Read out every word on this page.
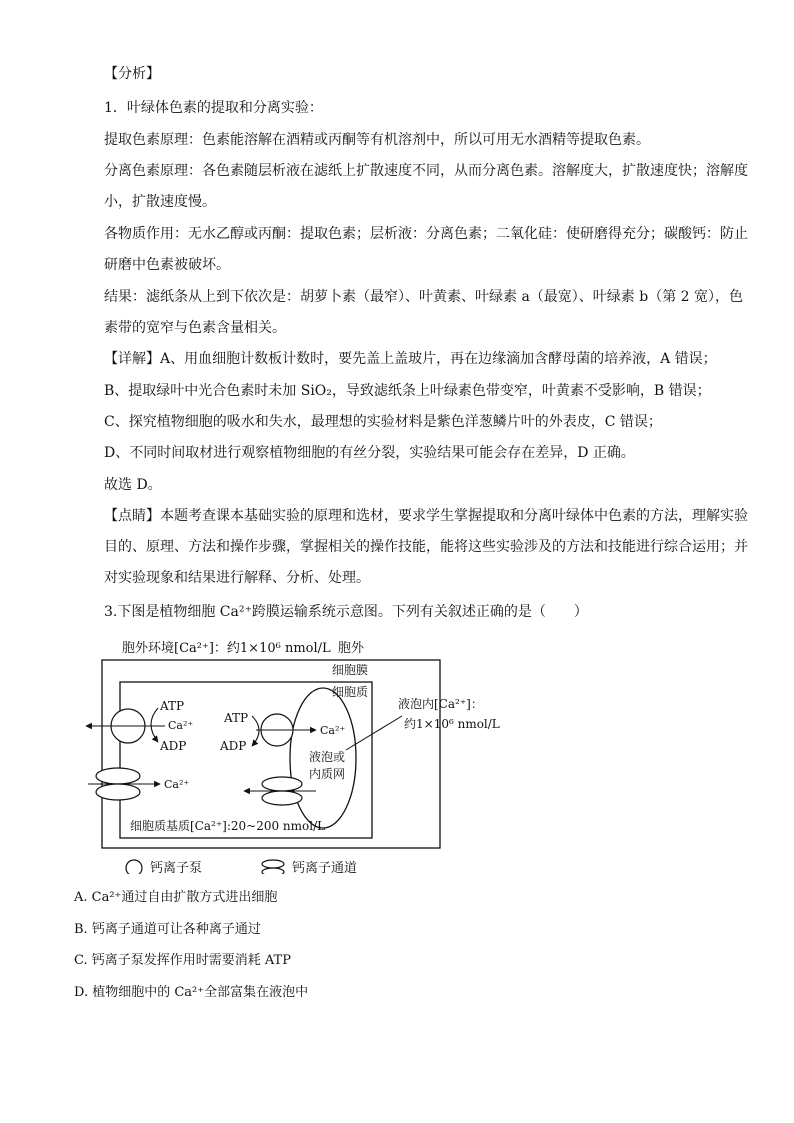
【分析】
1．叶绿体色素的提取和分离实验：
提取色素原理：色素能溶解在酒精或丙酮等有机溶剂中，所以可用无水酒精等提取色素。
分离色素原理：各色素随层析液在滤纸上扩散速度不同，从而分离色素。溶解度大，扩散速度快；溶解度
小，扩散速度慢。
各物质作用：无水乙醇或丙酮：提取色素；层析液：分离色素；二氧化硅：使研磨得充分；碳酸钙：防止
研磨中色素被破坏。
结果：滤纸条从上到下依次是：胡萝卜素（最窄）、叶黄素、叶绿素 a（最宽）、叶绿素 b（第 2 宽），色
素带的宽窄与色素含量相关。
【详解】A、用血细胞计数板计数时，要先盖上盖玻片，再在边缘滴加含酵母菌的培养液，A 错误；
B、提取绿叶中光合色素时未加 SiO₂，导致滤纸条上叶绿素色带变窄，叶黄素不受影响，B 错误；
C、探究植物细胞的吸水和失水，最理想的实验材料是紫色洋葱鳞片叶的外表皮，C 错误；
D、不同时间取材进行观察植物细胞的有丝分裂，实验结果可能会存在差异，D 正确。
故选 D。
【点睛】本题考查课本基础实验的原理和选材，要求学生掌握提取和分离叶绿体中色素的方法，理解实验
目的、原理、方法和操作步骤，掌握相关的操作技能，能将这些实验涉及的方法和技能进行综合运用；并
对实验现象和结果进行解释、分析、处理。
3.下图是植物细胞 Ca²⁺跨膜运输系统示意图。下列有关叙述正确的是（　　）
胞外环境[Ca²⁺]：约1×10⁶ nmol/L 胞外
细胞膜
细胞质
ATP
Ca²⁺
ADP
Ca²⁺
液泡或
内质网
ATP
ADP
Ca²⁺
液泡内[Ca²⁺]：
约1×10⁶ nmol/L
细胞质基质[Ca²⁺]:20~200 nmol/L
钙离子泵	钙离子通道
A. Ca²⁺通过自由扩散方式进出细胞
B. 钙离子通道可让各种离子通过
C. 钙离子泵发挥作用时需要消耗 ATP
D. 植物细胞中的 Ca²⁺全部富集在液泡中
